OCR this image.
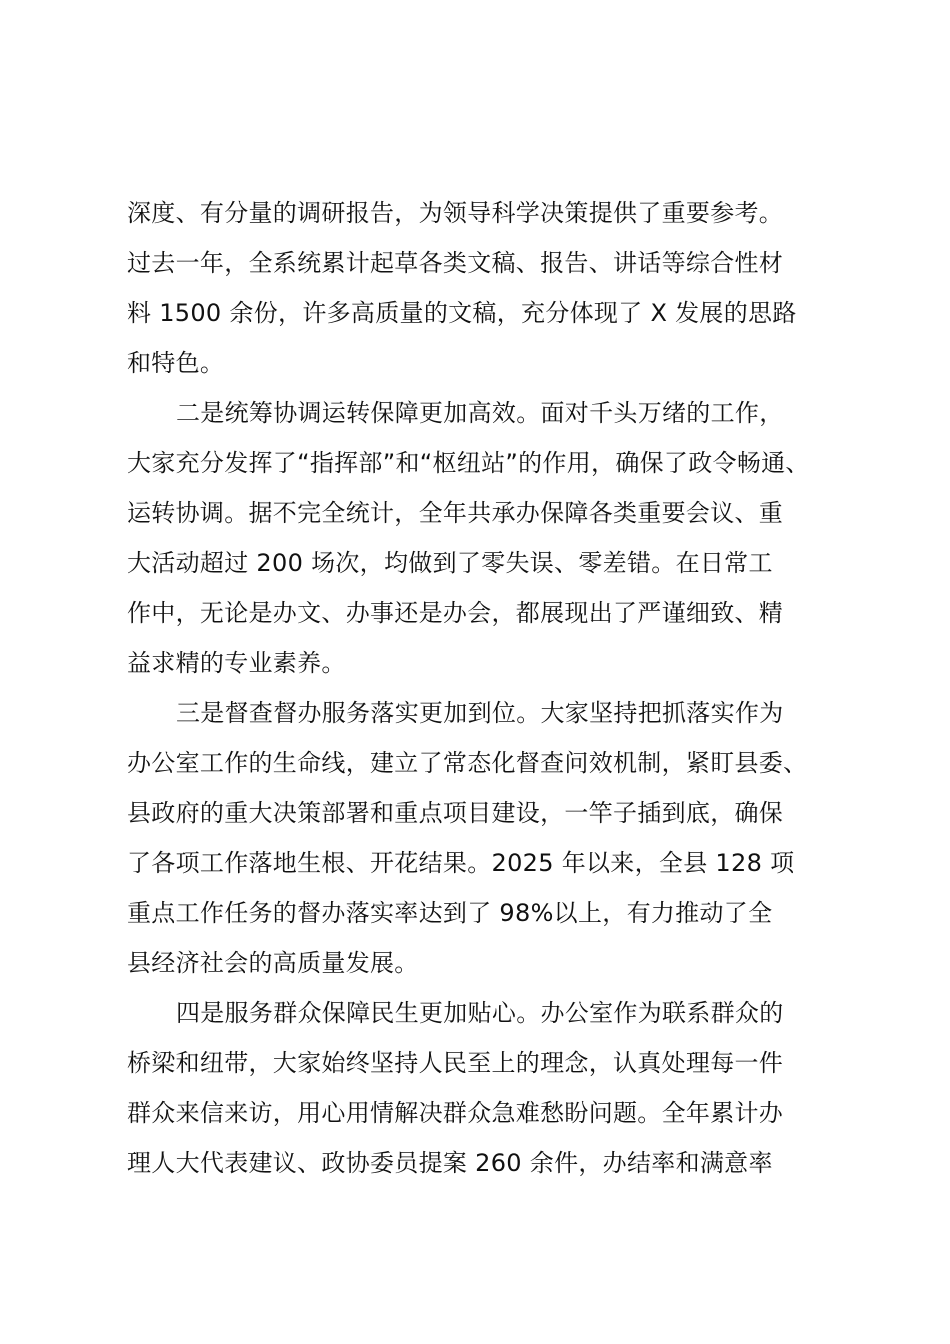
深度、有分量的调研报告，为领导科学决策提供了重要参考。
过去一年，全系统累计起草各类文稿、报告、讲话等综合性材
料 1500 余份，许多高质量的文稿，充分体现了 X 发展的思路
和特色。
二是统筹协调运转保障更加高效。面对千头万绪的工作，
大家充分发挥了“指挥部”和“枢纽站”的作用，确保了政令畅通、
运转协调。据不完全统计，全年共承办保障各类重要会议、重
大活动超过 200 场次，均做到了零失误、零差错。在日常工
作中，无论是办文、办事还是办会，都展现出了严谨细致、精
益求精的专业素养。
三是督查督办服务落实更加到位。大家坚持把抓落实作为
办公室工作的生命线，建立了常态化督查问效机制，紧盯县委、
县政府的重大决策部署和重点项目建设，一竿子插到底，确保
了各项工作落地生根、开花结果。2025 年以来，全县 128 项
重点工作任务的督办落实率达到了 98%以上，有力推动了全
县经济社会的高质量发展。
四是服务群众保障民生更加贴心。办公室作为联系群众的
桥梁和纽带，大家始终坚持人民至上的理念，认真处理每一件
群众来信来访，用心用情解决群众急难愁盼问题。全年累计办
理人大代表建议、政协委员提案 260 余件，办结率和满意率
